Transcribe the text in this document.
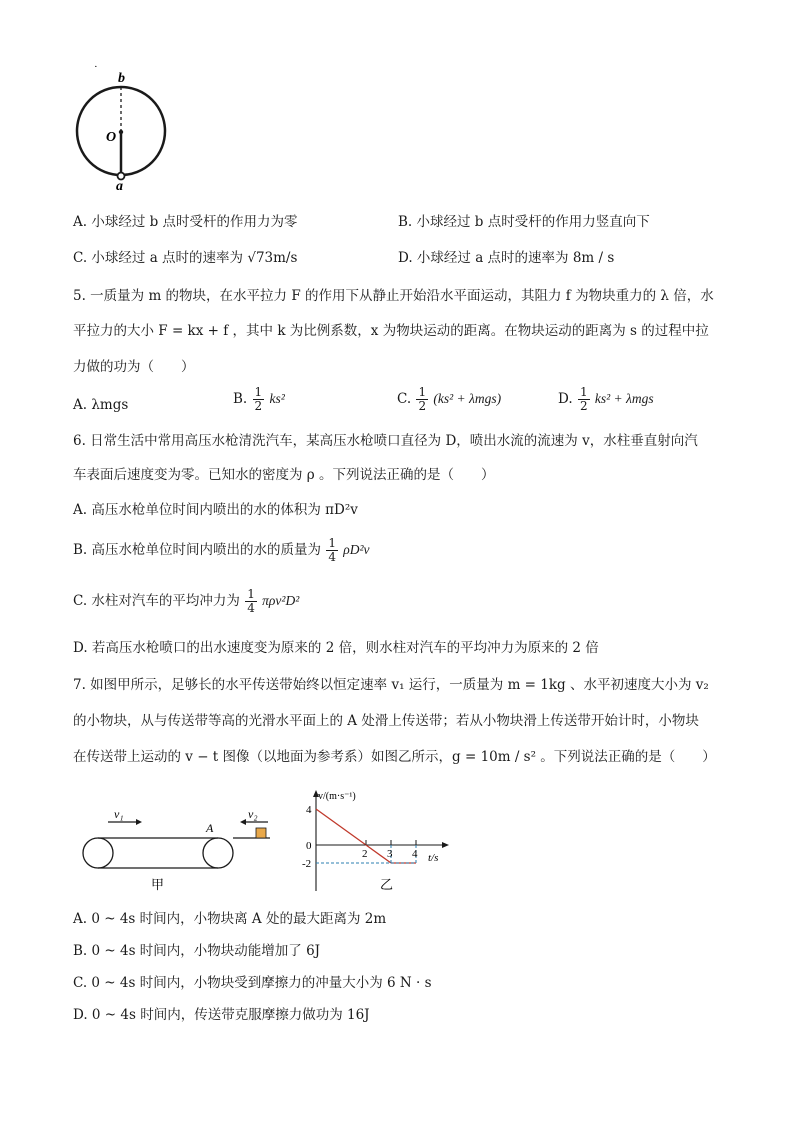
·
b
O
a
A. 小球经过 b 点时受杆的作用力为零	B. 小球经过 b 点时受杆的作用力竖直向下
C. 小球经过 a 点时的速率为 √73m/s	D. 小球经过 a 点时的速率为 8m / s
5. 一质量为 m 的物块，在水平拉力 F 的作用下从静止开始沿水平面运动，其阻力 f 为物块重力的 λ 倍，水
平拉力的大小 F = kx + f ，其中 k 为比例系数，x 为物块运动的距离。在物块运动的距离为 s 的过程中拉
力做的功为（　　）
A. λmgs	B. $\frac{1}{2} ks^2$	C. $\frac{1}{2} (ks^2 + \lambda mgs)$	D. $\frac{1}{2} ks^2 + \lambda mgs$
6. 日常生活中常用高压水枪清洗汽车，某高压水枪喷口直径为 D，喷出水流的流速为 v，水柱垂直射向汽
车表面后速度变为零。已知水的密度为 ρ 。下列说法正确的是（　　）
A. 高压水枪单位时间内喷出的水的体积为 πD²v
B. 高压水枪单位时间内喷出的水的质量为 $\frac{1}{4} \rho D^2v$
C. 水柱对汽车的平均冲力为 $\frac{1}{4} \pi\rho v^2D^2$
D. 若高压水枪喷口的出水速度变为原来的 2 倍，则水柱对汽车的平均冲力为原来的 2 倍
7. 如图甲所示，足够长的水平传送带始终以恒定速率 v₁ 运行，一质量为 m = 1kg 、水平初速度大小为 v₂
的小物块，从与传送带等高的光滑水平面上的 A 处滑上传送带；若从小物块滑上传送带开始计时，小物块
在传送带上运动的 v − t 图像（以地面为参考系）如图乙所示，g = 10m / s² 。下列说法正确的是（　　）
v₁
A
v₂
甲
v/(m·s⁻¹)
t/s
2 3 4
4
0
-2
乙
A. 0 ~ 4s 时间内，小物块离 A 处的最大距离为 2m
B. 0 ~ 4s 时间内，小物块动能增加了 6J
C. 0 ~ 4s 时间内，小物块受到摩擦力的冲量大小为 6 N · s
D. 0 ~ 4s 时间内，传送带克服摩擦力做功为 16J
